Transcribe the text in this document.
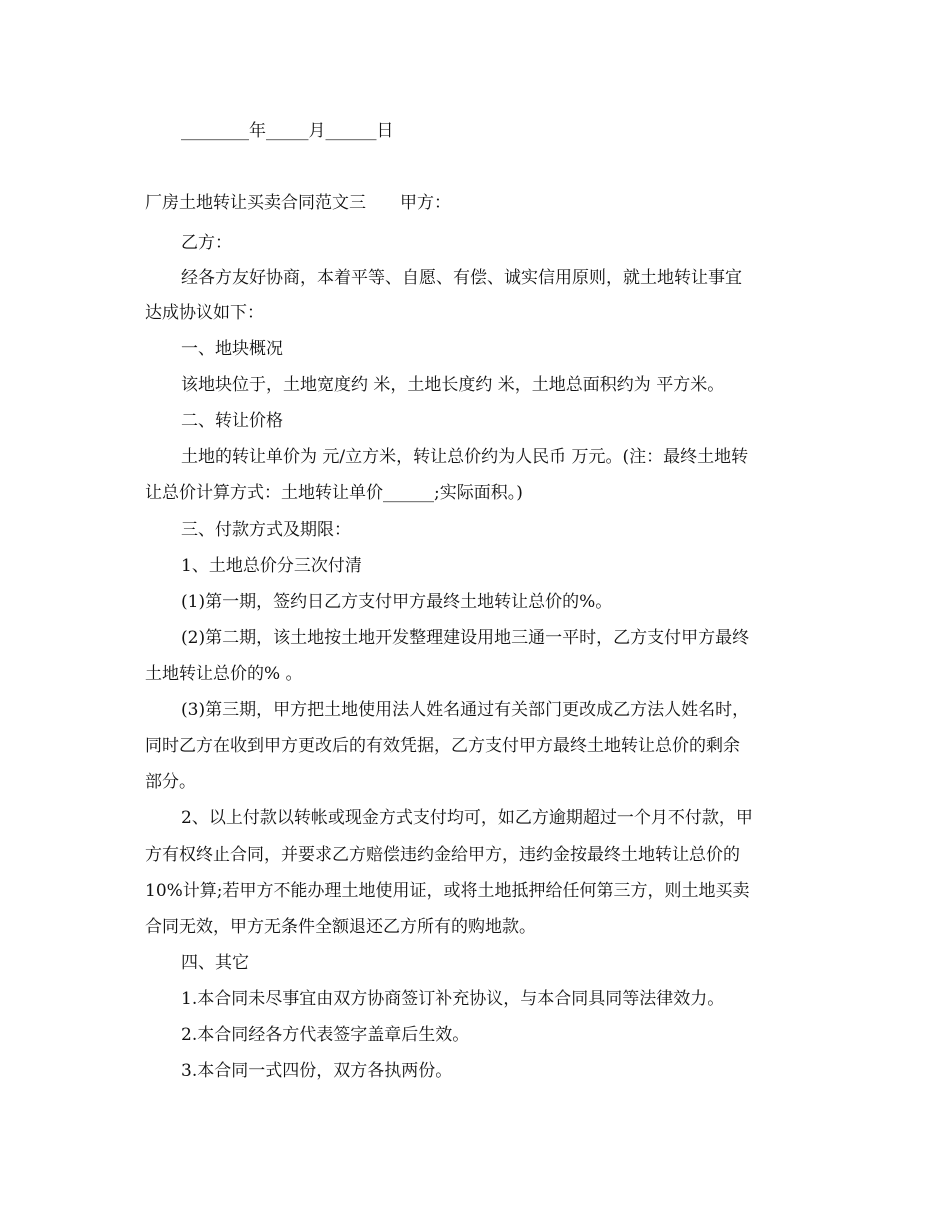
________年_____月______日
厂房土地转让买卖合同范文三　　甲方：
乙方：
经各方友好协商，本着平等、自愿、有偿、诚实信用原则，就土地转让事宜
达成协议如下：
一、地块概况
该地块位于，土地宽度约 米，土地长度约 米，土地总面积约为 平方米。
二、转让价格
土地的转让单价为 元/立方米，转让总价约为人民币 万元。(注：最终土地转
让总价计算方式：土地转让单价______;实际面积。)
三、付款方式及期限：
1、土地总价分三次付清
(1)第一期，签约日乙方支付甲方最终土地转让总价的%。
(2)第二期，该土地按土地开发整理建设用地三通一平时，乙方支付甲方最终
土地转让总价的% 。
(3)第三期，甲方把土地使用法人姓名通过有关部门更改成乙方法人姓名时，
同时乙方在收到甲方更改后的有效凭据，乙方支付甲方最终土地转让总价的剩余
部分。
2、以上付款以转帐或现金方式支付均可，如乙方逾期超过一个月不付款，甲
方有权终止合同，并要求乙方赔偿违约金给甲方，违约金按最终土地转让总价的
10%计算;若甲方不能办理土地使用证，或将土地抵押给任何第三方，则土地买卖
合同无效，甲方无条件全额退还乙方所有的购地款。
四、其它
1.本合同未尽事宜由双方协商签订补充协议，与本合同具同等法律效力。
2.本合同经各方代表签字盖章后生效。
3.本合同一式四份，双方各执两份。
